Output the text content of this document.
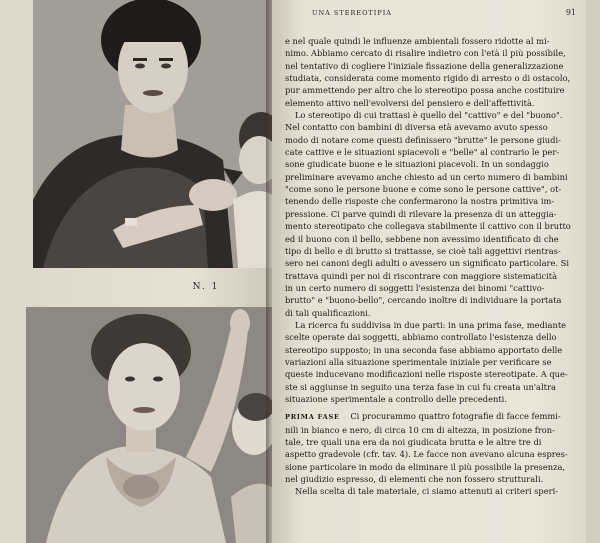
N. 1
UNA STEREOTIPIA	91
e nel quale quindi le influenze ambientali fossero ridotte al mi-
nimo. Abbiamo cercato di risalire indietro con l'età il più possibile,
nel tentativo di cogliere l'iniziale fissazione della generalizzazione
studiata, considerata come momento rigido di arresto o di ostacolo,
pur ammettendo per altro che lo stereotipo possa anche costituire
elemento attivo nell'evolversi del pensiero e dell'affettività.
Lo stereotipo di cui trattasi è quello del "cattivo" e del "buono".
Nel contatto con bambini di diversa età avevamo avuto spesso
modo di notare come questi definissero "brutte" le persone giudi-
cate cattive e le situazioni spiacevoli e "belle" al contrario le per-
sone giudicate buone e le situazioni piacevoli. In un sondaggio
preliminare avevamo anche chiesto ad un certo numero di bambini
"come sono le persone buone e come sono le persone cattive", ot-
tenendo delle risposte che confermarono la nostra primitiva im-
pressione. Ci parve quindi di rilevare la presenza di un atteggia-
mento stereotipato che collegava stabilmente il cattivo con il brutto
ed il buono con il bello, sebbene non avessimo identificato di che
tipo di bello e di brutto si trattasse, se cioè tali aggettivi rientras-
sero nei canoni degli adulti o avessero un significato particolare. Si
trattava quindi per noi di riscontrare con maggiore sistematicità
in un certo numero di soggetti l'esistenza dei binomi "cattivo-
brutto" e "buono-bello", cercando inoltre di individuare la portata
di tali qualificazioni.
La ricerca fu suddivisa in due parti: in una prima fase, mediante
scelte operate dai soggetti, abbiamo controllato l'esistenza dello
stereotipo supposto; in una seconda fase abbiamo apportato delle
variazioni alla situazione sperimentale iniziale per verificare se
queste inducevano modificazioni nelle risposte stereotipate. A que-
ste si aggiunse in seguito una terza fase in cui fu creata un'altra
situazione sperimentale a controllo delle precedenti.
PRIMA FASE Ci procurammo quattro fotografie di facce femmi-
nili in bianco e nero, di circa 10 cm di altezza, in posizione fron-
tale, tre quali una era da noi giudicata brutta e le altre tre di
aspetto gradevole (cfr. tav. 4). Le facce non avevano alcuna espres-
sione particolare in modo da eliminare il più possibile la presenza,
nel giudizio espresso, di elementi che non fossero strutturali.
Nella scelta di tale materiale, ci siamo attenuti ai criteri speri-
